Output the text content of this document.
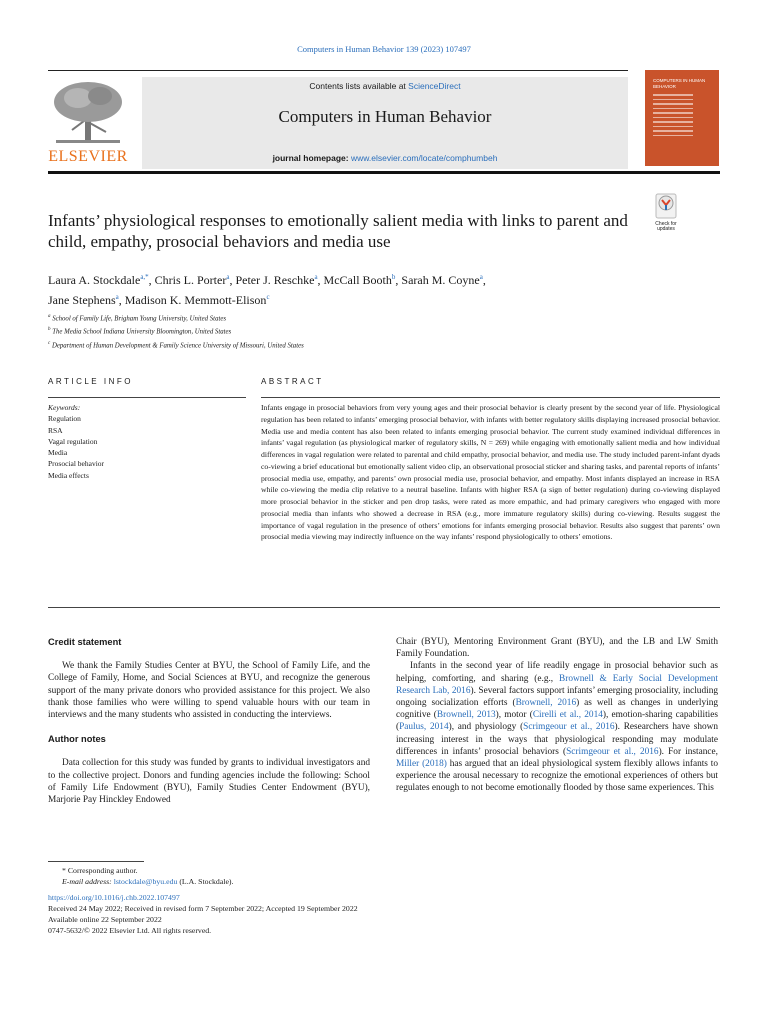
Computers in Human Behavior 139 (2023) 107497
ELSEVIER
Contents lists available at ScienceDirect
Computers in Human Behavior
journal homepage: www.elsevier.com/locate/comphumbeh
COMPUTERS IN HUMAN BEHAVIOR
Infants’ physiological responses to emotionally salient media with links to parent and child, empathy, prosocial behaviors and media use
Check for
updates
Laura A. Stockdale$^{a,*}$, Chris L. Porter$^a$, Peter J. Reschke$^a$, McCall Booth$^b$, Sarah M. Coyne$^a$,
Jane Stephens$^a$, Madison K. Memmott-Elison$^c$
$^a$ School of Family Life, Brigham Young University, United States
$^b$ The Media School Indiana University Bloomington, United States
$^c$ Department of Human Development & Family Science University of Missouri, United States
ARTICLE INFO	ABSTRACT
Keywords:
Regulation
RSA
Vagal regulation
Media
Prosocial behavior
Media effects
Infants engage in prosocial behaviors from very young ages and their prosocial behavior is clearly present by the second year of life. Physiological regulation has been related to infants’ emerging prosocial behavior, with infants with better regulatory skills displaying increased prosocial behavior. Media use and media content has also been related to infants emerging prosocial behavior. The current study examined individual differences in infants’ vagal regulation (as physiological marker of regulatory skills, N = 269) while engaging with emotionally salient media and how individual differences in vagal regulation were related to parental and child empathy, prosocial behavior, and media use. The study included parent-infant dyads co-viewing a brief educational but emotionally salient video clip, an observational prosocial sticker and sharing tasks, and parental reports of infants’ prosocial media use, empathy, and parents’ own prosocial media use, prosocial behavior, and empathy. Most infants displayed an increase in RSA while co-viewing the media clip relative to a neutral baseline. Infants with higher RSA (a sign of better regulation) during co-viewing displayed more prosocial behavior in the sticker and pen drop tasks, were rated as more empathic, and had primary caregivers who engaged with more prosocial media than infants who showed a decrease in RSA (e.g., more immature regulatory skills) during co-viewing. Results suggest the importance of vagal regulation in the presence of others’ emotions for infants emerging prosocial behavior. Results also suggest that parents’ own prosocial media viewing may indirectly influence on the way infants’ respond physiologically to others’ emotions.
Credit statement

We thank the Family Studies Center at BYU, the School of Family Life, and the College of Family, Home, and Social Sciences at BYU, and recognize the generous support of the many private donors who provided assistance for this project. We also thank those families who were willing to spend valuable hours with our team in interviews and the many students who assisted in conducting the interviews.

Author notes

Data collection for this study was funded by grants to individual investigators and to the collective project. Donors and funding agencies include the following: School of Family Life Endowment (BYU), Family Studies Center Endowment (BYU), Marjorie Pay Hinckley Endowed

Chair (BYU), Mentoring Environment Grant (BYU), and the LB and LW Smith Family Foundation.

Infants in the second year of life readily engage in prosocial behavior such as helping, comforting, and sharing (e.g., Brownell & Early Social Development Research Lab, 2016). Several factors support infants’ emerging prosociality, including ongoing socialization efforts (Brownell, 2016) as well as changes in underlying cognitive (Brownell, 2013), motor (Cirelli et al., 2014), emotion-sharing capabilities (Paulus, 2014), and physiology (Scrimgeour et al., 2016). Researchers have shown increasing interest in the ways that physiological responding may modulate differences in infants’ prosocial behaviors (Scrimgeour et al., 2016). For instance, Miller (2018) has argued that an ideal physiological system flexibly allows infants to experience the arousal necessary to recognize the emotional experiences of others but regulates enough to not become emotionally flooded by those same experiences. This

* Corresponding author.
E-mail address: lstockdale@byu.edu (L.A. Stockdale).
https://doi.org/10.1016/j.chb.2022.107497
Received 24 May 2022; Received in revised form 7 September 2022; Accepted 19 September 2022
Available online 22 September 2022
0747-5632/© 2022 Elsevier Ltd. All rights reserved.
